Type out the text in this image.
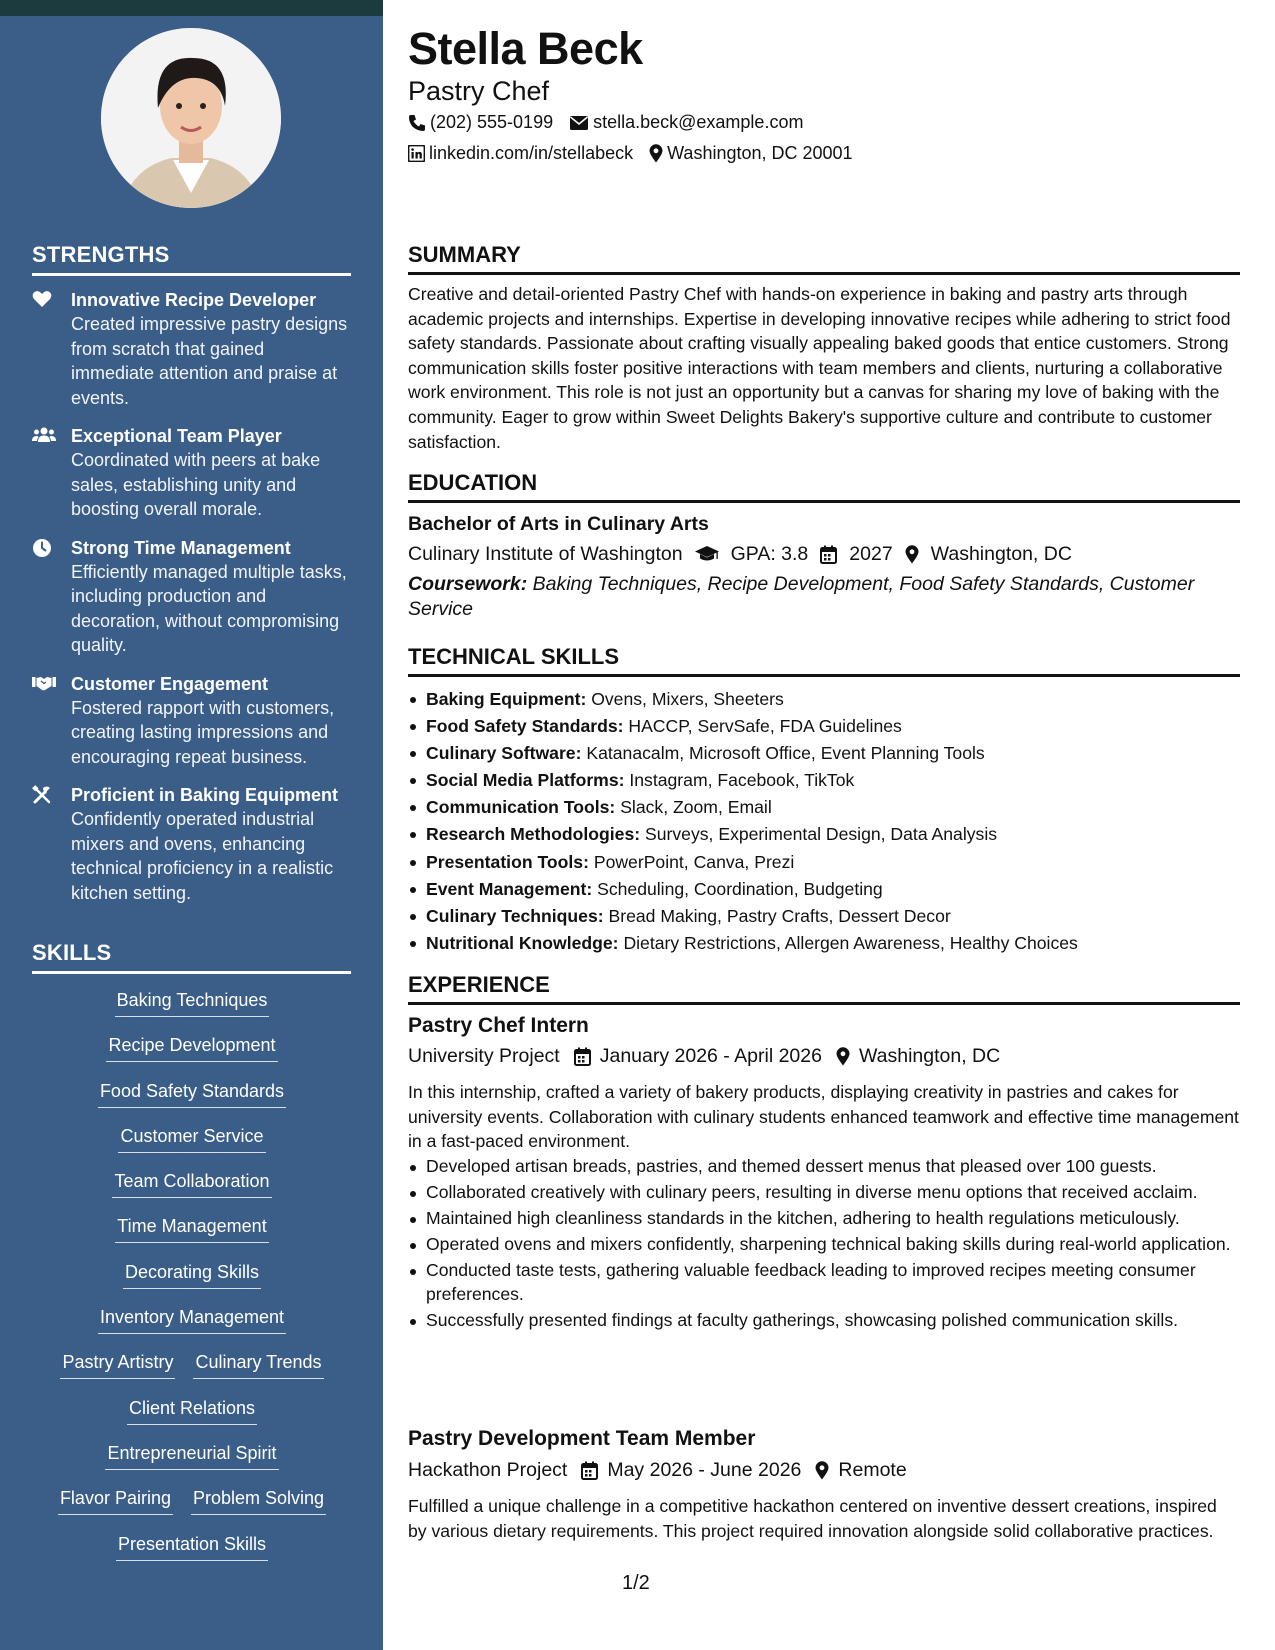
STRENGTHS
Innovative Recipe Developer
Created impressive pastry designs from scratch that gained immediate attention and praise at events.
Exceptional Team Player
Coordinated with peers at bake sales, establishing unity and boosting overall morale.
Strong Time Management
Efficiently managed multiple tasks, including production and decoration, without compromising quality.
Customer Engagement
Fostered rapport with customers, creating lasting impressions and encouraging repeat business.
Proficient in Baking Equipment
Confidently operated industrial mixers and ovens, enhancing technical proficiency in a realistic kitchen setting.
SKILLS
Baking Techniques
Recipe Development
Food Safety Standards
Customer Service
Team Collaboration
Time Management
Decorating Skills
Inventory Management
Pastry Artistry Culinary Trends
Client Relations
Entrepreneurial Spirit
Flavor Pairing Problem Solving
Presentation Skills
Stella Beck
Pastry Chef
(202) 555-0199 stella.beck@example.com
linkedin.com/in/stellabeck Washington, DC 20001
SUMMARY
Creative and detail-oriented Pastry Chef with hands-on experience in baking and pastry arts through academic projects and internships. Expertise in developing innovative recipes while adhering to strict food safety standards. Passionate about crafting visually appealing baked goods that entice customers. Strong communication skills foster positive interactions with team members and clients, nurturing a collaborative work environment. This role is not just an opportunity but a canvas for sharing my love of baking with the community. Eager to grow within Sweet Delights Bakery's supportive culture and contribute to customer satisfaction.
EDUCATION
Bachelor of Arts in Culinary Arts
Culinary Institute of Washington GPA: 3.8 2027 Washington, DC
Coursework: Baking Techniques, Recipe Development, Food Safety Standards, Customer Service
TECHNICAL SKILLS
Baking Equipment: Ovens, Mixers, Sheeters
Food Safety Standards: HACCP, ServSafe, FDA Guidelines
Culinary Software: Katanacalm, Microsoft Office, Event Planning Tools
Social Media Platforms: Instagram, Facebook, TikTok
Communication Tools: Slack, Zoom, Email
Research Methodologies: Surveys, Experimental Design, Data Analysis
Presentation Tools: PowerPoint, Canva, Prezi
Event Management: Scheduling, Coordination, Budgeting
Culinary Techniques: Bread Making, Pastry Crafts, Dessert Decor
Nutritional Knowledge: Dietary Restrictions, Allergen Awareness, Healthy Choices
EXPERIENCE
Pastry Chef Intern
University Project January 2026 - April 2026 Washington, DC
In this internship, crafted a variety of bakery products, displaying creativity in pastries and cakes for university events. Collaboration with culinary students enhanced teamwork and effective time management in a fast-paced environment.
Developed artisan breads, pastries, and themed dessert menus that pleased over 100 guests.
Collaborated creatively with culinary peers, resulting in diverse menu options that received acclaim.
Maintained high cleanliness standards in the kitchen, adhering to health regulations meticulously.
Operated ovens and mixers confidently, sharpening technical baking skills during real-world application.
Conducted taste tests, gathering valuable feedback leading to improved recipes meeting consumer preferences.
Successfully presented findings at faculty gatherings, showcasing polished communication skills.
Pastry Development Team Member
Hackathon Project May 2026 - June 2026 Remote
Fulfilled a unique challenge in a competitive hackathon centered on inventive dessert creations, inspired by various dietary requirements. This project required innovation alongside solid collaborative practices.
1/2
